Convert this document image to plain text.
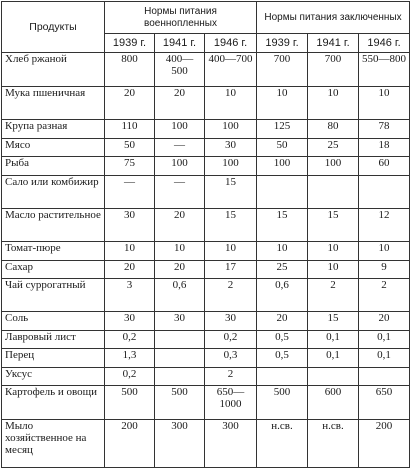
Продукты	Нормы питания военнопленных			Нормы питания заключенных		
	1939 г.	1941 г.	1946 г.	1939 г.	1941 г.	1946 г.
Хлеб ржаной	800	400—500	400—700	700	700	550—800
Мука пшеничная	20	20	10	10	10	10
Крупа разная	110	100	100	125	80	78
Мясо	50	—	30	50	25	18
Рыба	75	100	100	100	100	60
Сало или комбижир	—	—	15			
Масло растительное	30	20	15	15	15	12
Томат-пюре	10	10	10	10	10	10
Сахар	20	20	17	25	10	9
Чай суррогатный	3	0,6	2	0,6	2	2
Соль	30	30	30	20	15	20
Лавровый лист	0,2		0,2	0,5	0,1	0,1
Перец	1,3		0,3	0,5	0,1	0,1
Уксус	0,2		2			
Картофель и овощи	500	500	650—1000	500	600	650
Мыло хозяйственное на месяц	200	300	300	н.св.	н.св.	200
